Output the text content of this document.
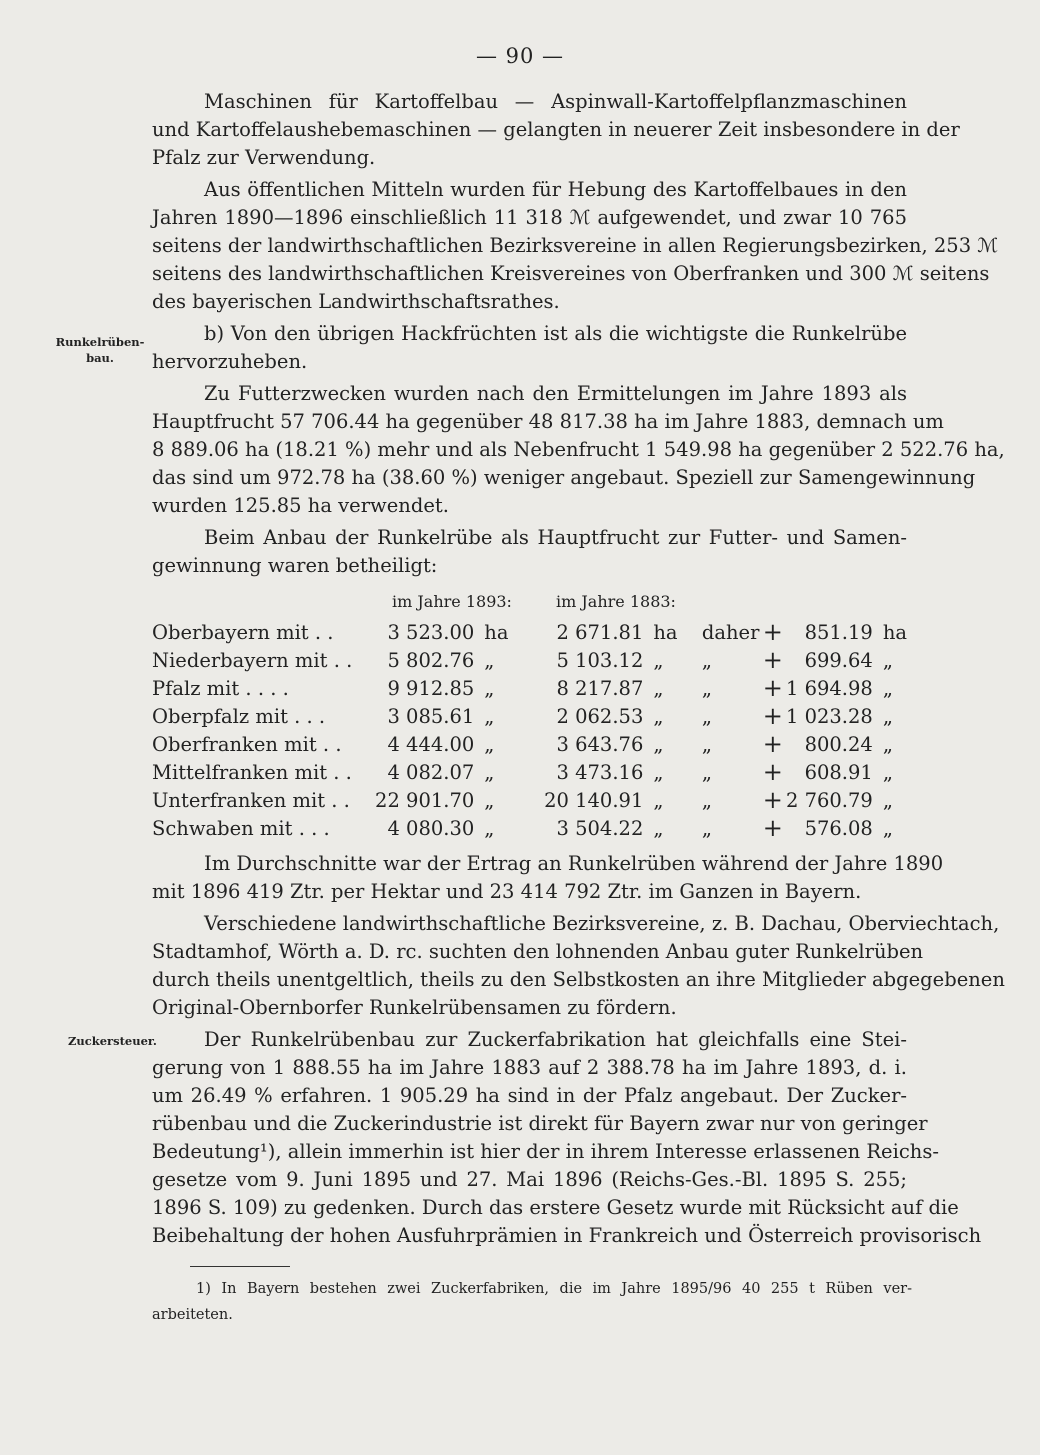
— 90 —
Maschinen für Kartoffelbau — Aspinwall-Kartoffelpflanzmaschinen
und Kartoffelaushebemaschinen — gelangten in neuerer Zeit insbesondere in der
Pfalz zur Verwendung.
Aus öffentlichen Mitteln wurden für Hebung des Kartoffelbaues in den
Jahren 1890—1896 einschließlich 11 318 ℳ aufgewendet, und zwar 10 765
seitens der landwirthschaftlichen Bezirksvereine in allen Regierungsbezirken, 253 ℳ
seitens des landwirthschaftlichen Kreisvereines von Oberfranken und 300 ℳ seitens
des bayerischen Landwirthschaftsrathes.
b) Von den übrigen Hackfrüchten ist als die wichtigste die Runkelrübe
hervorzuheben.
Zu Futterzwecken wurden nach den Ermittelungen im Jahre 1893 als
Hauptfrucht 57 706.44 ha gegenüber 48 817.38 ha im Jahre 1883, demnach um
8 889.06 ha (18.21 %) mehr und als Nebenfrucht 1 549.98 ha gegenüber 2 522.76 ha,
das sind um 972.78 ha (38.60 %) weniger angebaut. Speziell zur Samengewinnung
wurden 125.85 ha verwendet.
Beim Anbau der Runkelrübe als Hauptfrucht zur Futter- und Samen-
gewinnung waren betheiligt:
Runkelrüben-
bau.
im Jahre 1893:	im Jahre 1883:
Oberbayern mit . .	3 523.00	ha	2 671.81	ha	daher	+	851.19	ha
Niederbayern mit . .	5 802.76	„	5 103.12	„	„	+	699.64	„
Pfalz mit . . . .	9 912.85	„	8 217.87	„	„	+	1 694.98	„
Oberpfalz mit . . .	3 085.61	„	2 062.53	„	„	+	1 023.28	„
Oberfranken mit . .	4 444.00	„	3 643.76	„	„	+	800.24	„
Mittelfranken mit . .	4 082.07	„	3 473.16	„	„	+	608.91	„
Unterfranken mit . .	22 901.70	„	20 140.91	„	„	+	2 760.79	„
Schwaben mit . . .	4 080.30	„	3 504.22	„	„	+	576.08	„
Im Durchschnitte war der Ertrag an Runkelrüben während der Jahre 1890
mit 1896 419 Ztr. per Hektar und 23 414 792 Ztr. im Ganzen in Bayern.
Verschiedene landwirthschaftliche Bezirksvereine, z. B. Dachau, Oberviechtach,
Stadtamhof, Wörth a. D. rc. suchten den lohnenden Anbau guter Runkelrüben
durch theils unentgeltlich, theils zu den Selbstkosten an ihre Mitglieder abgegebenen
Original-Obernborfer Runkelrübensamen zu fördern.
Der Runkelrübenbau zur Zuckerfabrikation hat gleichfalls eine Stei-
gerung von 1 888.55 ha im Jahre 1883 auf 2 388.78 ha im Jahre 1893, d. i.
um 26.49 % erfahren. 1 905.29 ha sind in der Pfalz angebaut. Der Zucker-
rübenbau und die Zuckerindustrie ist direkt für Bayern zwar nur von geringer
Bedeutung¹), allein immerhin ist hier der in ihrem Interesse erlassenen Reichs-
gesetze vom 9. Juni 1895 und 27. Mai 1896 (Reichs-Ges.-Bl. 1895 S. 255;
1896 S. 109) zu gedenken. Durch das erstere Gesetz wurde mit Rücksicht auf die
Beibehaltung der hohen Ausfuhrprämien in Frankreich und Österreich provisorisch
Zuckersteuer.
1) In Bayern bestehen zwei Zuckerfabriken, die im Jahre 1895/96 40 255 t Rüben ver-
arbeiteten.
